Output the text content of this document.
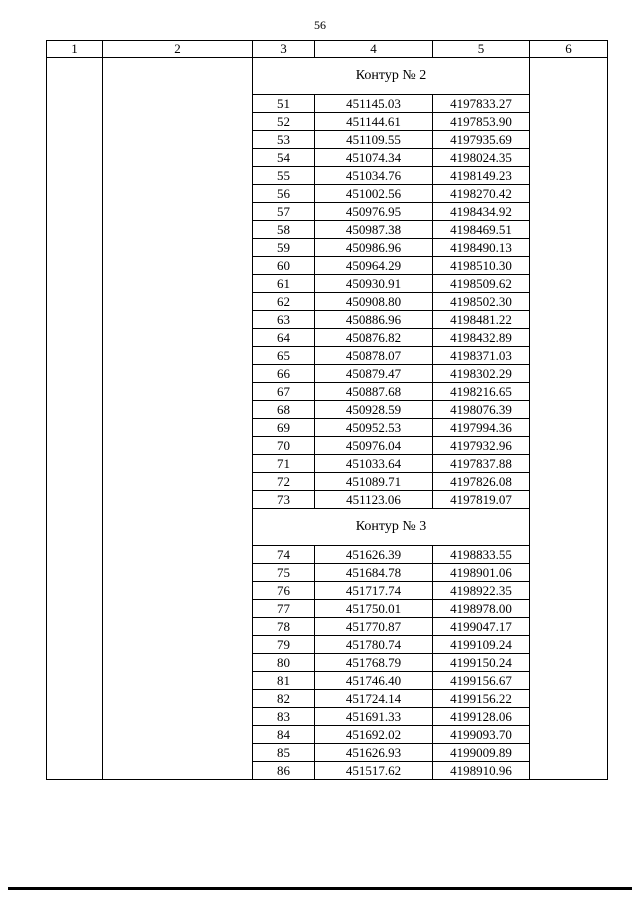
56
1	2	3	4	5	6
		Контур № 2			
		51	451145.03	4197833.27	
		52	451144.61	4197853.90	
		53	451109.55	4197935.69	
		54	451074.34	4198024.35	
		55	451034.76	4198149.23	
		56	451002.56	4198270.42	
		57	450976.95	4198434.92	
		58	450987.38	4198469.51	
		59	450986.96	4198490.13	
		60	450964.29	4198510.30	
		61	450930.91	4198509.62	
		62	450908.80	4198502.30	
		63	450886.96	4198481.22	
		64	450876.82	4198432.89	
		65	450878.07	4198371.03	
		66	450879.47	4198302.29	
		67	450887.68	4198216.65	
		68	450928.59	4198076.39	
		69	450952.53	4197994.36	
		70	450976.04	4197932.96	
		71	451033.64	4197837.88	
		72	451089.71	4197826.08	
		73	451123.06	4197819.07	
		Контур № 3			
		74	451626.39	4198833.55	
		75	451684.78	4198901.06	
		76	451717.74	4198922.35	
		77	451750.01	4198978.00	
		78	451770.87	4199047.17	
		79	451780.74	4199109.24	
		80	451768.79	4199150.24	
		81	451746.40	4199156.67	
		82	451724.14	4199156.22	
		83	451691.33	4199128.06	
		84	451692.02	4199093.70	
		85	451626.93	4199009.89	
		86	451517.62	4198910.96	
